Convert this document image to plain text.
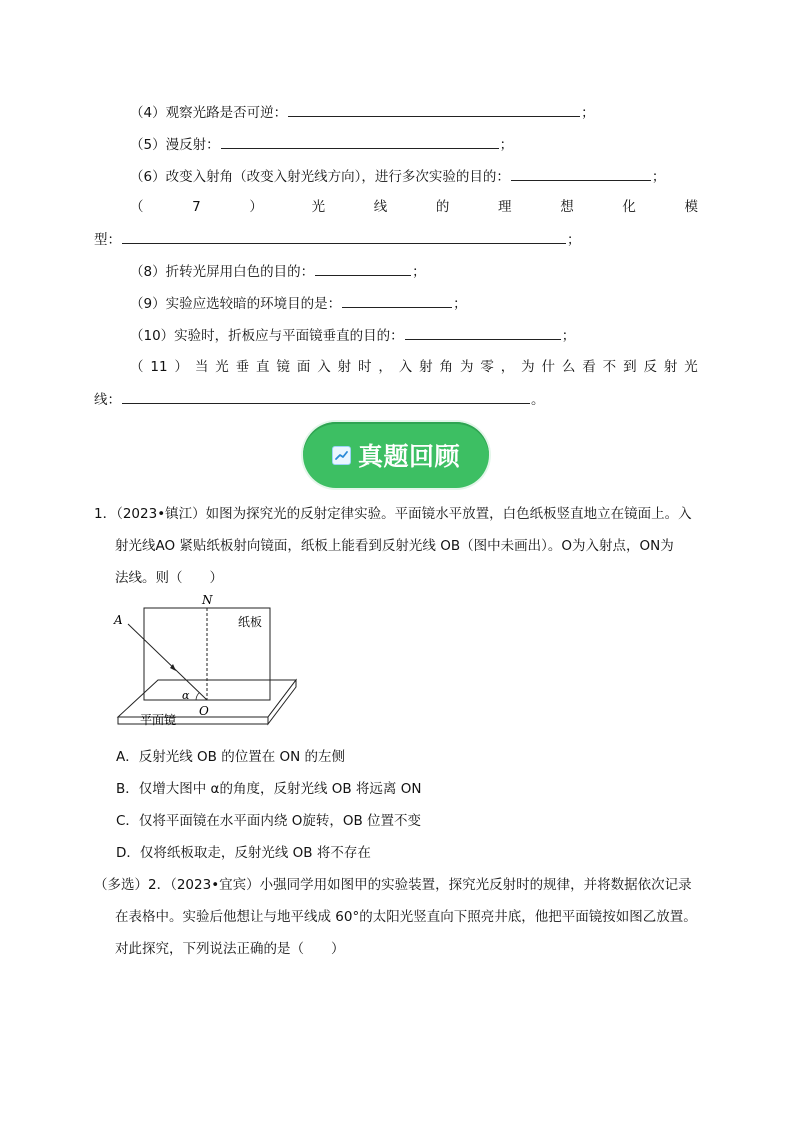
（4）观察光路是否可逆：	；
（5）漫反射：	；
（6）改变入射角（改变入射光线方向），进行多次实验的目的：	；
（	7	）	光	线	的	理	想	化	模
型：	；
（8）折转光屏用白色的目的：	；
（9）实验应选较暗的环境目的是：	；
（10）实验时，折板应与平面镜垂直的目的：	；
（ 11 ） 当 光 垂 直 镜 面 入 射 时 ， 入 射 角 为 零 ， 为 什 么 看 不 到 反 射 光
线：	。
真题回顾
1．（2023•镇江）如图为探究光的反射定律实验。平面镜水平放置，白色纸板竖直地立在镜面上。入
射光线AO 紧贴纸板射向镜面，纸板上能看到反射光线 OB（图中未画出）。O为入射点，ON为
法线。则（　　）
N
A
α
O
纸板
平面镜
A．反射光线 OB 的位置在 ON 的左侧
B．仅增大图中 α的角度，反射光线 OB 将远离 ON
C．仅将平面镜在水平面内绕 O旋转，OB 位置不变
D．仅将纸板取走，反射光线 OB 将不存在
（多选）2．（2023•宜宾）小强同学用如图甲的实验装置，探究光反射时的规律，并将数据依次记录
在表格中。实验后他想让与地平线成 60°的太阳光竖直向下照亮井底，他把平面镜按如图乙放置。
对此探究，下列说法正确的是（　　）
